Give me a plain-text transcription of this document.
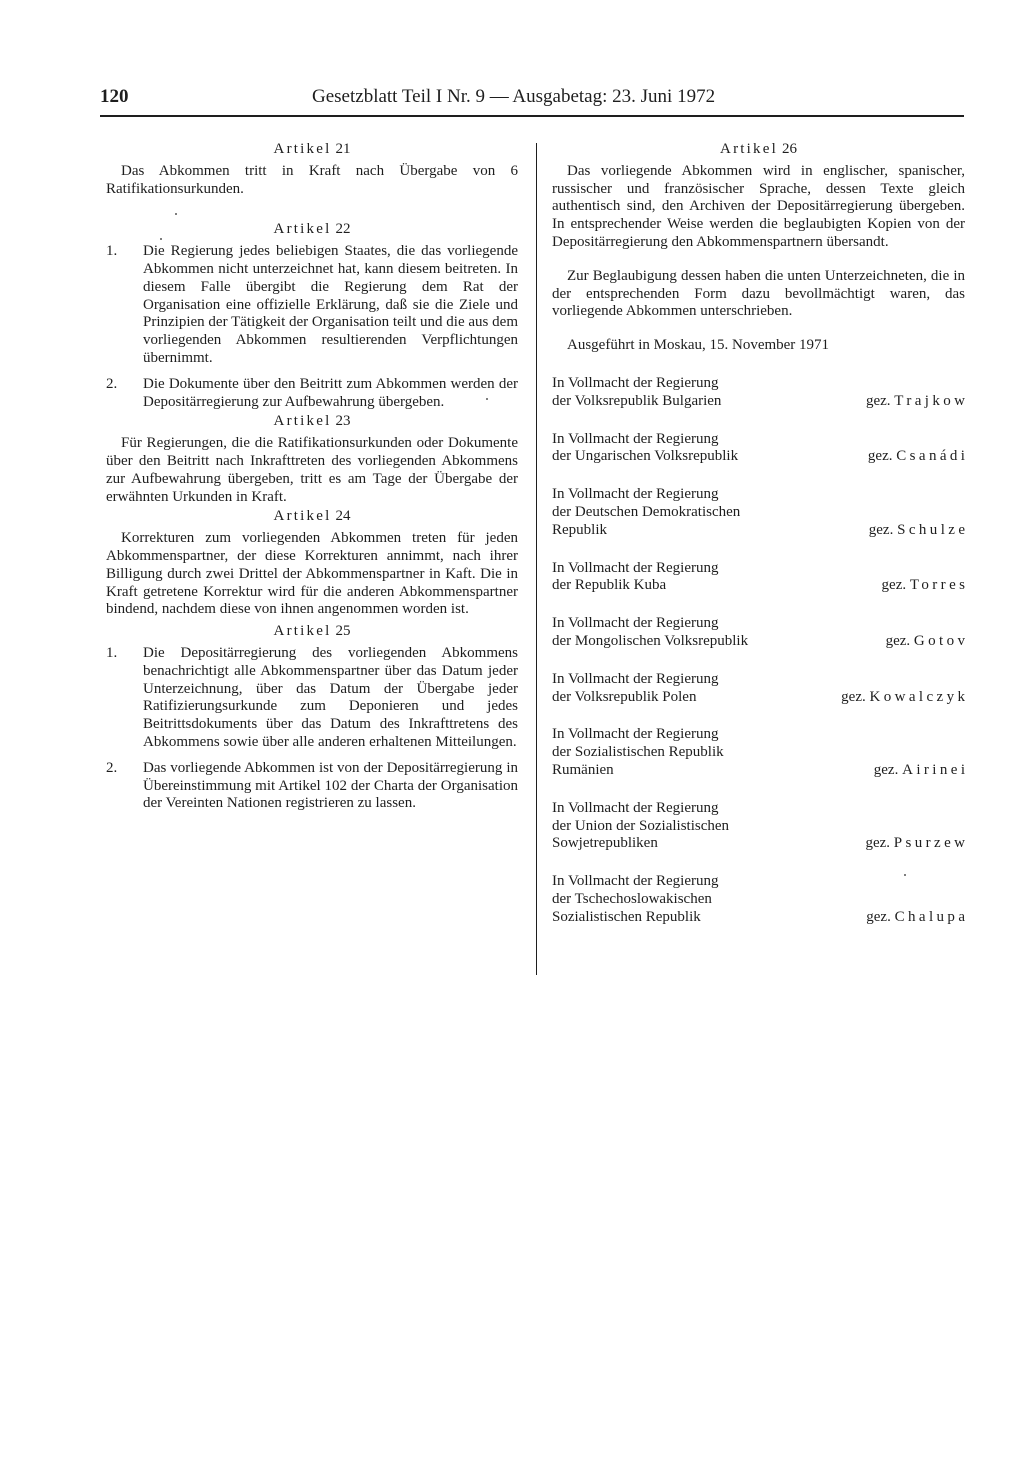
120	Gesetzblatt Teil I Nr. 9 — Ausgabetag: 23. Juni 1972

Artikel 21

Das Abkommen tritt in Kraft nach Übergabe von 6 Ratifikationsurkunden.

Artikel 22

1.	Die Regierung jedes beliebigen Staates, die das vorliegende Abkommen nicht unterzeichnet hat, kann diesem beitreten. In diesem Falle übergibt die Regierung dem Rat der Organisation eine offizielle Erklärung, daß sie die Ziele und Prinzipien der Tätigkeit der Organisation teilt und die aus dem vorliegenden Abkommen resultierenden Verpflichtungen übernimmt.
2.	Die Dokumente über den Beitritt zum Abkommen werden der Depositärregierung zur Aufbewahrung übergeben.

Artikel 23

Für Regierungen, die die Ratifikationsurkunden oder Dokumente über den Beitritt nach Inkrafttreten des vorliegenden Abkommens zur Aufbewahrung übergeben, tritt es am Tage der Übergabe der erwähnten Urkunden in Kraft.

Artikel 24

Korrekturen zum vorliegenden Abkommen treten für jeden Abkommenspartner, der diese Korrekturen annimmt, nach ihrer Billigung durch zwei Drittel der Abkommenspartner in Kaft. Die in Kraft getretene Korrektur wird für die anderen Abkommenspartner bindend, nachdem diese von ihnen angenommen worden ist.

Artikel 25

1.	Die Depositärregierung des vorliegenden Abkommens benachrichtigt alle Abkommenspartner über das Datum jeder Unterzeichnung, über das Datum der Übergabe jeder Ratifizierungsurkunde zum Deponieren und jedes Beitrittsdokuments über das Datum des Inkrafttretens des Abkommens sowie über alle anderen erhaltenen Mitteilungen.
2.	Das vorliegende Abkommen ist von der Depositärregierung in Übereinstimmung mit Artikel 102 der Charta der Organisation der Vereinten Nationen registrieren zu lassen.

Artikel 26

Das vorliegende Abkommen wird in englischer, spanischer, russischer und französischer Sprache, dessen Texte gleich authentisch sind, den Archiven der Depositärregierung übergeben. In entsprechender Weise werden die beglaubigten Kopien von der Depositärregierung den Abkommenspartnern übersandt.

Zur Beglaubigung dessen haben die unten Unterzeichneten, die in der entsprechenden Form dazu bevollmächtigt waren, das vorliegende Abkommen unterschrieben.

Ausgeführt in Moskau, 15. November 1971

In Vollmacht der Regierung
der Volksrepublik Bulgarien	gez. Trajkow
In Vollmacht der Regierung
der Ungarischen Volksrepublik	gez. Csanádi
In Vollmacht der Regierung
der Deutschen Demokratischen
Republik	gez. Schulze
In Vollmacht der Regierung
der Republik Kuba	gez. Torres
In Vollmacht der Regierung
der Mongolischen Volksrepublik	gez. Gotov
In Vollmacht der Regierung
der Volksrepublik Polen	gez. Kowalczyk
In Vollmacht der Regierung
der Sozialistischen Republik
Rumänien	gez. Airinei
In Vollmacht der Regierung
der Union der Sozialistischen
Sowjetrepubliken	gez. Psurzew
In Vollmacht der Regierung
der Tschechoslowakischen
Sozialistischen Republik	gez. Chalupa
